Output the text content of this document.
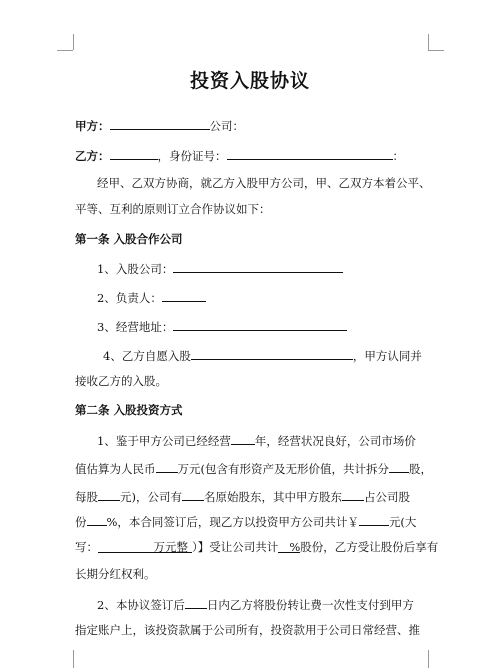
投资入股协议
甲方：	公司：
乙方：	，身份证号：	：
经甲、乙双方协商，就乙方入股甲方公司，甲、乙双方本着公平、
平等、互利的原则订立合作协议如下：
第一条 入股合作公司
1、入股公司：
2、负责人：
3、经营地址：
4、乙方自愿入股	，甲方认同并
接收乙方的入股。
第二条 入股投资方式
1、鉴于甲方公司已经经营 年，经营状况良好，公司市场价
值估算为人民币 万元(包含有形资产及无形价值，共计拆分 股，
每股 元)，公司有 名原始股东，其中甲方股东 占公司股
份 %，本合同签订后，现乙方以投资甲方公司共计￥	元(大
写：	万元整 ）】受让公司共计 %股份，乙方受让股份后享有
长期分红权利。
2、本协议签订后 日内乙方将股份转让费一次性支付到甲方
指定账户上，该投资款属于公司所有，投资款用于公司日常经营、推
